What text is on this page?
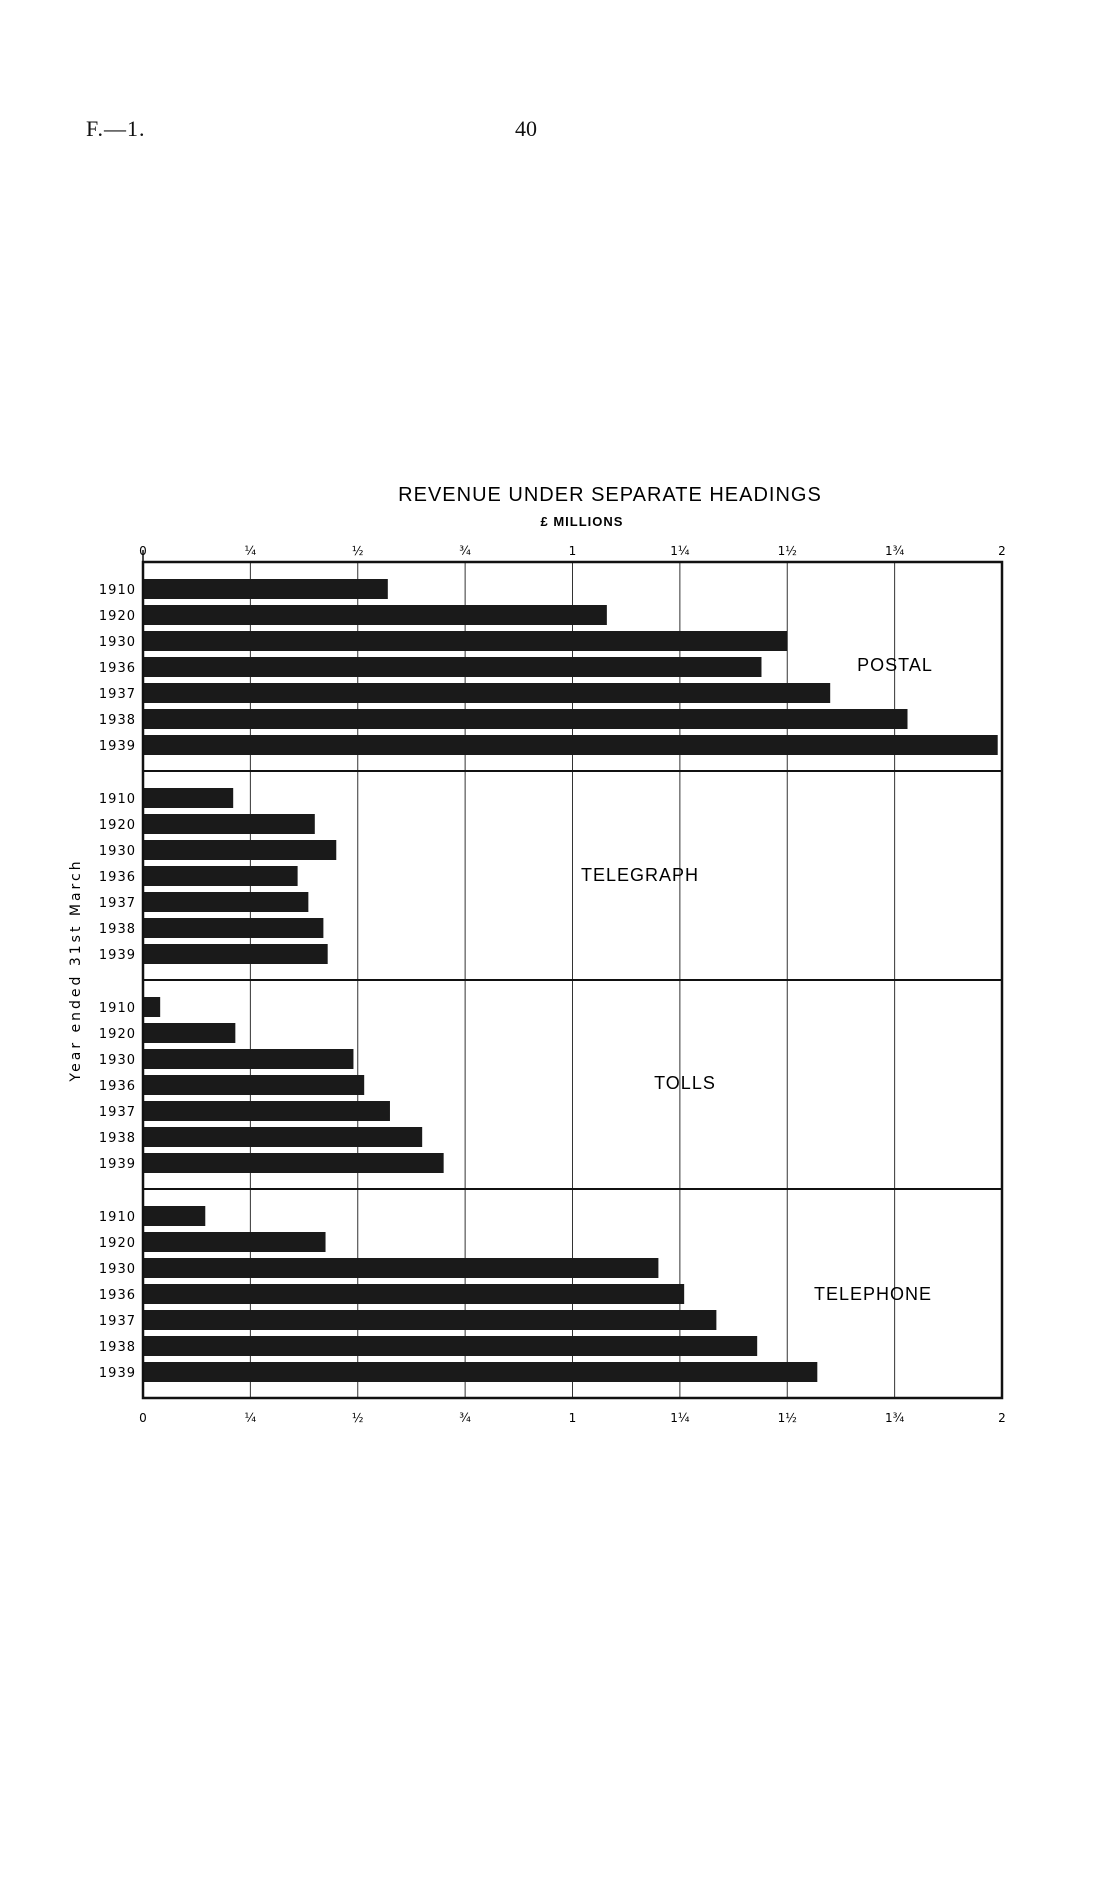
F.—1.	40
REVENUE UNDER SEPARATE HEADINGS
£ MILLIONS
Year ended 31st March
0
0
¼
¼
½
½
¾
¾
1
1
1¼
1¼
1½
1½
1¾
1¾
2
2
1910
1920
1930
1936
1937
1938
1939
POSTAL
1910
1920
1930
1936
1937
1938
1939
TELEGRAPH
1910
1920
1930
1936
1937
1938
1939
TOLLS
1910
1920
1930
1936
1937
1938
1939
TELEPHONE
